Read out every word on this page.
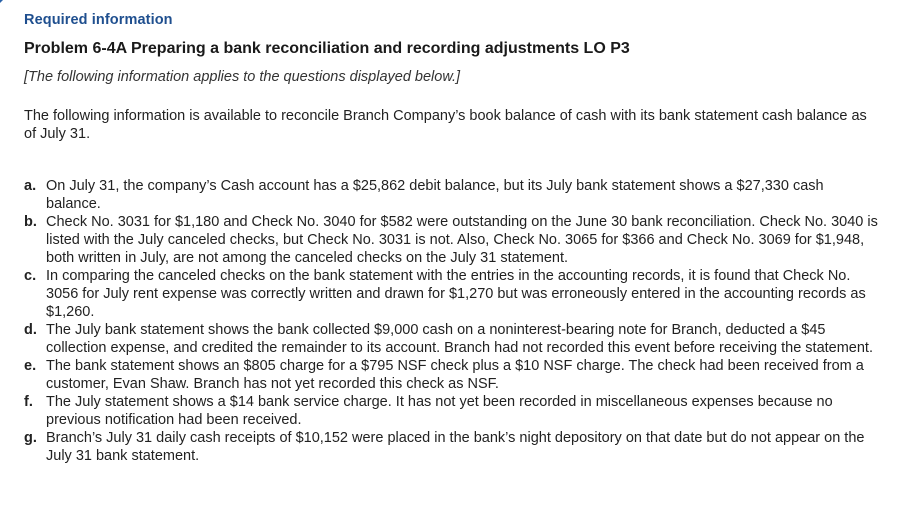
Required information
Problem 6-4A Preparing a bank reconciliation and recording adjustments LO P3
[The following information applies to the questions displayed below.]
The following information is available to reconcile Branch Company’s book balance of cash with its bank statement cash balance as of July 31.
a. On July 31, the company’s Cash account has a $25,862 debit balance, but its July bank statement shows a $27,330 cash balance.
b. Check No. 3031 for $1,180 and Check No. 3040 for $582 were outstanding on the June 30 bank reconciliation. Check No. 3040 is listed with the July canceled checks, but Check No. 3031 is not. Also, Check No. 3065 for $366 and Check No. 3069 for $1,948, both written in July, are not among the canceled checks on the July 31 statement.
c. In comparing the canceled checks on the bank statement with the entries in the accounting records, it is found that Check No. 3056 for July rent expense was correctly written and drawn for $1,270 but was erroneously entered in the accounting records as $1,260.
d. The July bank statement shows the bank collected $9,000 cash on a noninterest-bearing note for Branch, deducted a $45 collection expense, and credited the remainder to its account. Branch had not recorded this event before receiving the statement.
e. The bank statement shows an $805 charge for a $795 NSF check plus a $10 NSF charge. The check had been received from a customer, Evan Shaw. Branch has not yet recorded this check as NSF.
f. The July statement shows a $14 bank service charge. It has not yet been recorded in miscellaneous expenses because no previous notification had been received.
g. Branch’s July 31 daily cash receipts of $10,152 were placed in the bank’s night depository on that date but do not appear on the July 31 bank statement.
